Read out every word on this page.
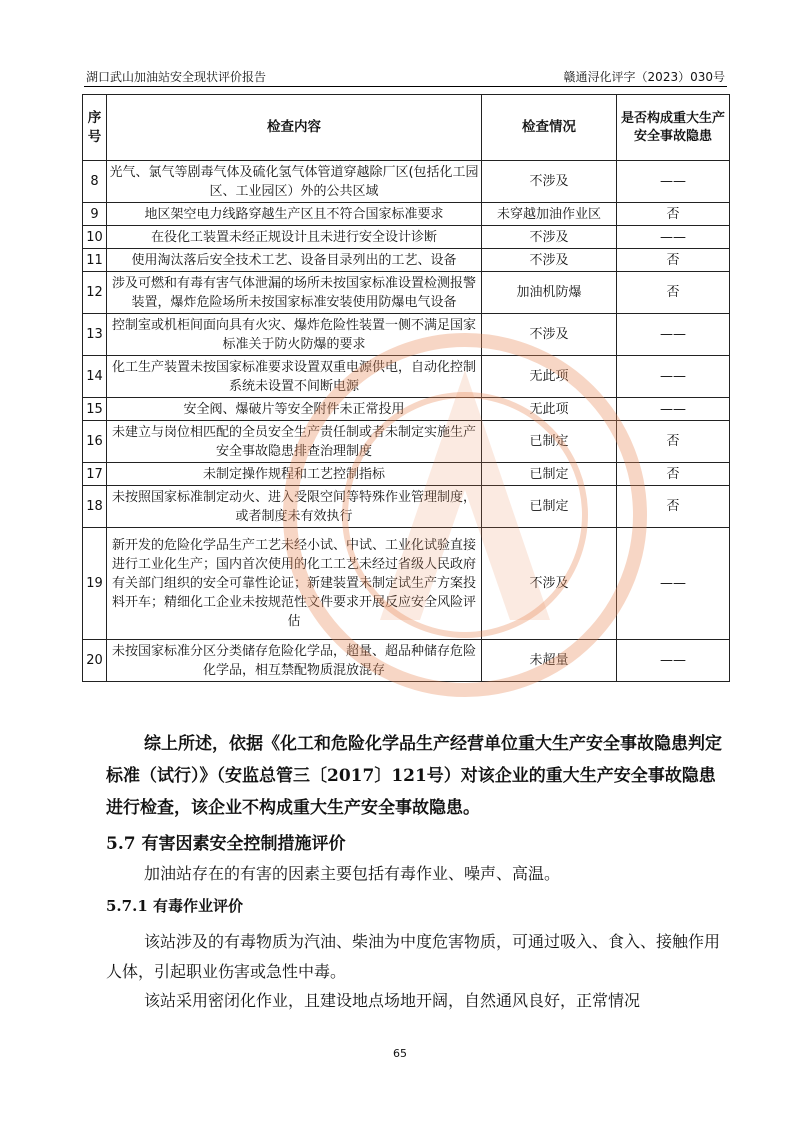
湖口武山加油站安全现状评价报告	赣通浔化评字（2023）030号
序号	检查内容	检查情况	是否构成重大生产安全事故隐患
8	光气、氯气等剧毒气体及硫化氢气体管道穿越除厂区(包括化工园区、工业园区）外的公共区域	不涉及	——
9	地区架空电力线路穿越生产区且不符合国家标准要求	未穿越加油作业区	否
10	在役化工装置未经正规设计且未进行安全设计诊断	不涉及	——
11	使用淘汰落后安全技术工艺、设备目录列出的工艺、设备	不涉及	否
12	涉及可燃和有毒有害气体泄漏的场所未按国家标准设置检测报警装置，爆炸危险场所未按国家标准安装使用防爆电气设备	加油机防爆	否
13	控制室或机柜间面向具有火灾、爆炸危险性装置一侧不满足国家标准关于防火防爆的要求	不涉及	——
14	化工生产装置未按国家标准要求设置双重电源供电，自动化控制系统未设置不间断电源	无此项	——
15	安全阀、爆破片等安全附件未正常投用	无此项	——
16	未建立与岗位相匹配的全员安全生产责任制或者未制定实施生产安全事故隐患排查治理制度	已制定	否
17	未制定操作规程和工艺控制指标	已制定	否
18	未按照国家标准制定动火、进入受限空间等特殊作业管理制度，或者制度未有效执行	已制定	否
19	新开发的危险化学品生产工艺未经小试、中试、工业化试验直接进行工业化生产；国内首次使用的化工工艺未经过省级人民政府有关部门组织的安全可靠性论证；新建装置未制定试生产方案投料开车；精细化工企业未按规范性文件要求开展反应安全风险评估	不涉及	——
20	未按国家标准分区分类储存危险化学品，超量、超品种储存危险化学品，相互禁配物质混放混存	未超量	——
综上所述，依据《化工和危险化学品生产经营单位重大生产安全事故隐患判定标准（试行）》（安监总管三〔2017〕121号）对该企业的重大生产安全事故隐患进行检查，该企业不构成重大生产安全事故隐患。
5.7 有害因素安全控制措施评价
加油站存在的有害的因素主要包括有毒作业、噪声、高温。
5.7.1 有毒作业评价
该站涉及的有毒物质为汽油、柴油为中度危害物质，可通过吸入、食入、接触作用人体，引起职业伤害或急性中毒。
该站采用密闭化作业，且建设地点场地开阔，自然通风良好，正常情况
65
